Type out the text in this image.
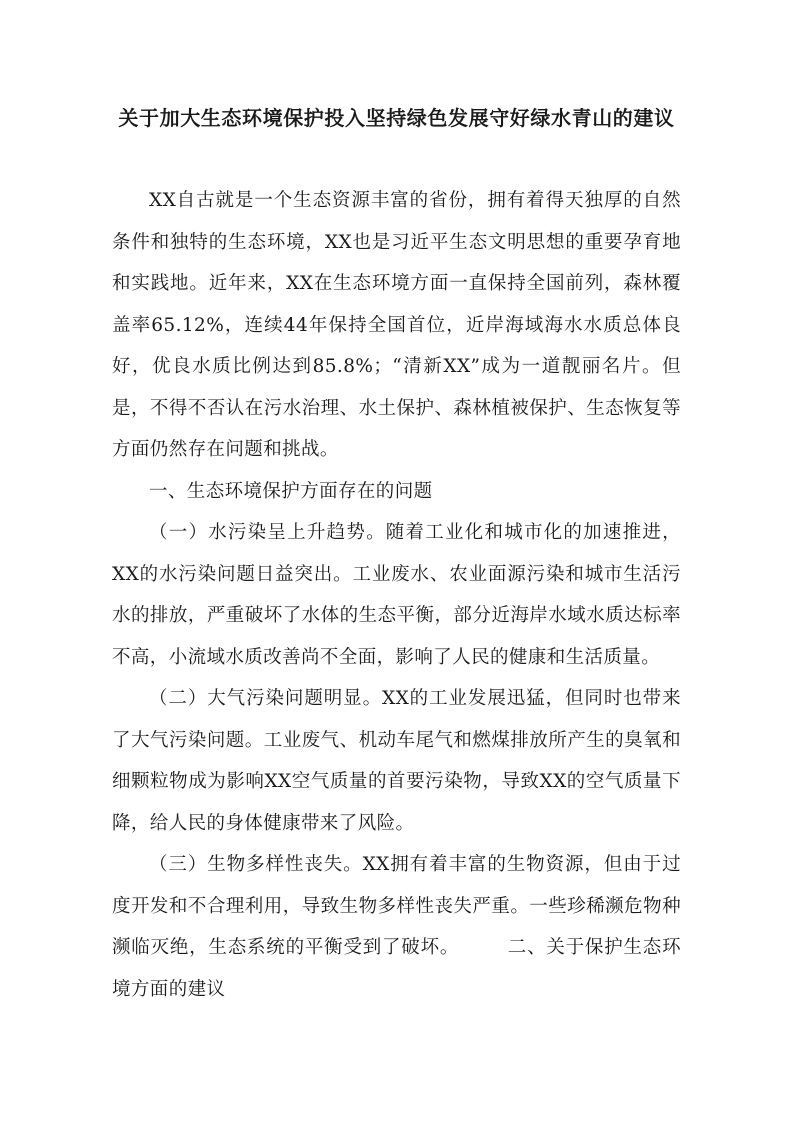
关于加大生态环境保护投入坚持绿色发展守好绿水青山的建议

XX自古就是一个生态资源丰富的省份，拥有着得天独厚的自然条件和独特的生态环境，XX也是习近平生态文明思想的重要孕育地和实践地。近年来，XX在生态环境方面一直保持全国前列，森林覆盖率65.12%，连续44年保持全国首位，近岸海域海水水质总体良好，优良水质比例达到85.8%；“清新XX”成为一道靓丽名片。但是，不得不否认在污水治理、水土保护、森林植被保护、生态恢复等方面仍然存在问题和挑战。

一、生态环境保护方面存在的问题

（一）水污染呈上升趋势。随着工业化和城市化的加速推进，XX的水污染问题日益突出。工业废水、农业面源污染和城市生活污水的排放，严重破坏了水体的生态平衡，部分近海岸水域水质达标率不高，小流域水质改善尚不全面，影响了人民的健康和生活质量。

（二）大气污染问题明显。XX的工业发展迅猛，但同时也带来了大气污染问题。工业废气、机动车尾气和燃煤排放所产生的臭氧和细颗粒物成为影响XX空气质量的首要污染物，导致XX的空气质量下降，给人民的身体健康带来了风险。

（三）生物多样性丧失。XX拥有着丰富的生物资源，但由于过度开发和不合理利用，导致生物多样性丧失严重。一些珍稀濒危物种濒临灭绝，生态系统的平衡受到了破坏。　　　二、关于保护生态环境方面的建议
